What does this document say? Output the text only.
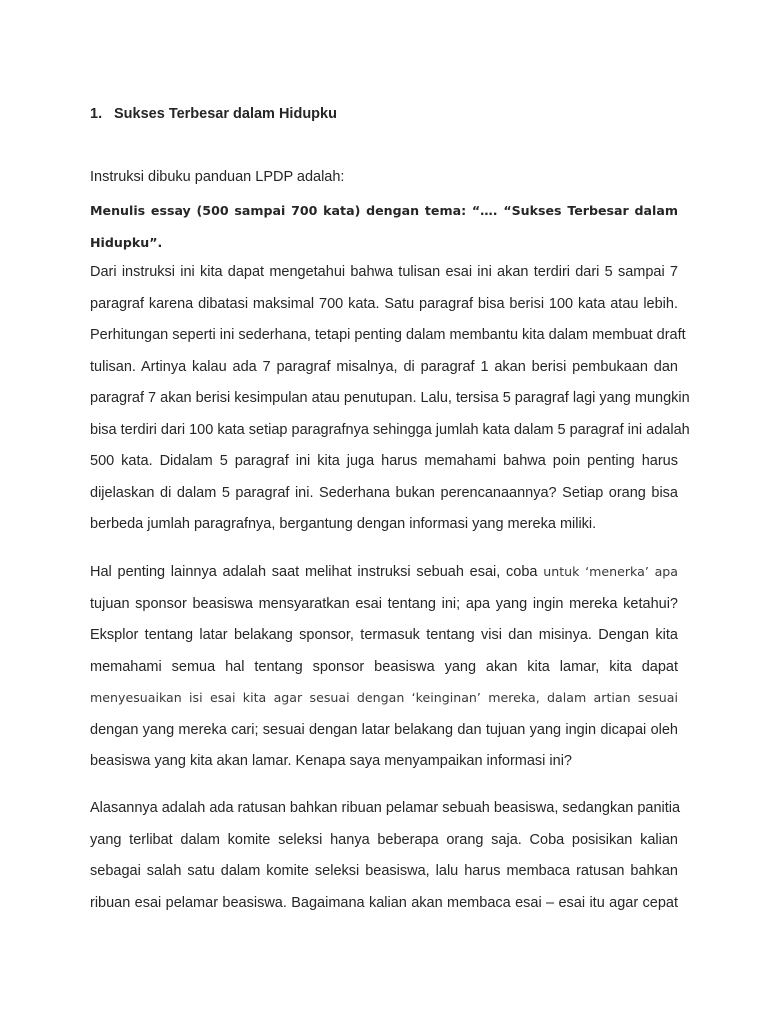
1. Sukses Terbesar dalam Hidupku
Instruksi dibuku panduan LPDP adalah:
Menulis essay (500 sampai 700 kata) dengan tema: “…. “Sukses Terbesar dalam
Hidupku”.
Dari instruksi ini kita dapat mengetahui bahwa tulisan esai ini akan terdiri dari 5 sampai 7
paragraf karena dibatasi maksimal 700 kata. Satu paragraf bisa berisi 100 kata atau lebih.
Perhitungan seperti ini sederhana, tetapi penting dalam membantu kita dalam membuat draft
tulisan. Artinya kalau ada 7 paragraf misalnya, di paragraf 1 akan berisi pembukaan dan
paragraf 7 akan berisi kesimpulan atau penutupan. Lalu, tersisa 5 paragraf lagi yang mungkin
bisa terdiri dari 100 kata setiap paragrafnya sehingga jumlah kata dalam 5 paragraf ini adalah
500 kata. Didalam 5 paragraf ini kita juga harus memahami bahwa poin penting harus
dijelaskan di dalam 5 paragraf ini. Sederhana bukan perencanaannya? Setiap orang bisa
berbeda jumlah paragrafnya, bergantung dengan informasi yang mereka miliki.
Hal penting lainnya adalah saat melihat instruksi sebuah esai, coba untuk ‘menerka’ apa
tujuan sponsor beasiswa mensyaratkan esai tentang ini; apa yang ingin mereka ketahui?
Eksplor tentang latar belakang sponsor, termasuk tentang visi dan misinya. Dengan kita
memahami semua hal tentang sponsor beasiswa yang akan kita lamar, kita dapat
menyesuaikan isi esai kita agar sesuai dengan ‘keinginan’ mereka, dalam artian sesuai
dengan yang mereka cari; sesuai dengan latar belakang dan tujuan yang ingin dicapai oleh
beasiswa yang kita akan lamar. Kenapa saya menyampaikan informasi ini?
Alasannya adalah ada ratusan bahkan ribuan pelamar sebuah beasiswa, sedangkan panitia
yang terlibat dalam komite seleksi hanya beberapa orang saja. Coba posisikan kalian
sebagai salah satu dalam komite seleksi beasiswa, lalu harus membaca ratusan bahkan
ribuan esai pelamar beasiswa. Bagaimana kalian akan membaca esai – esai itu agar cepat
